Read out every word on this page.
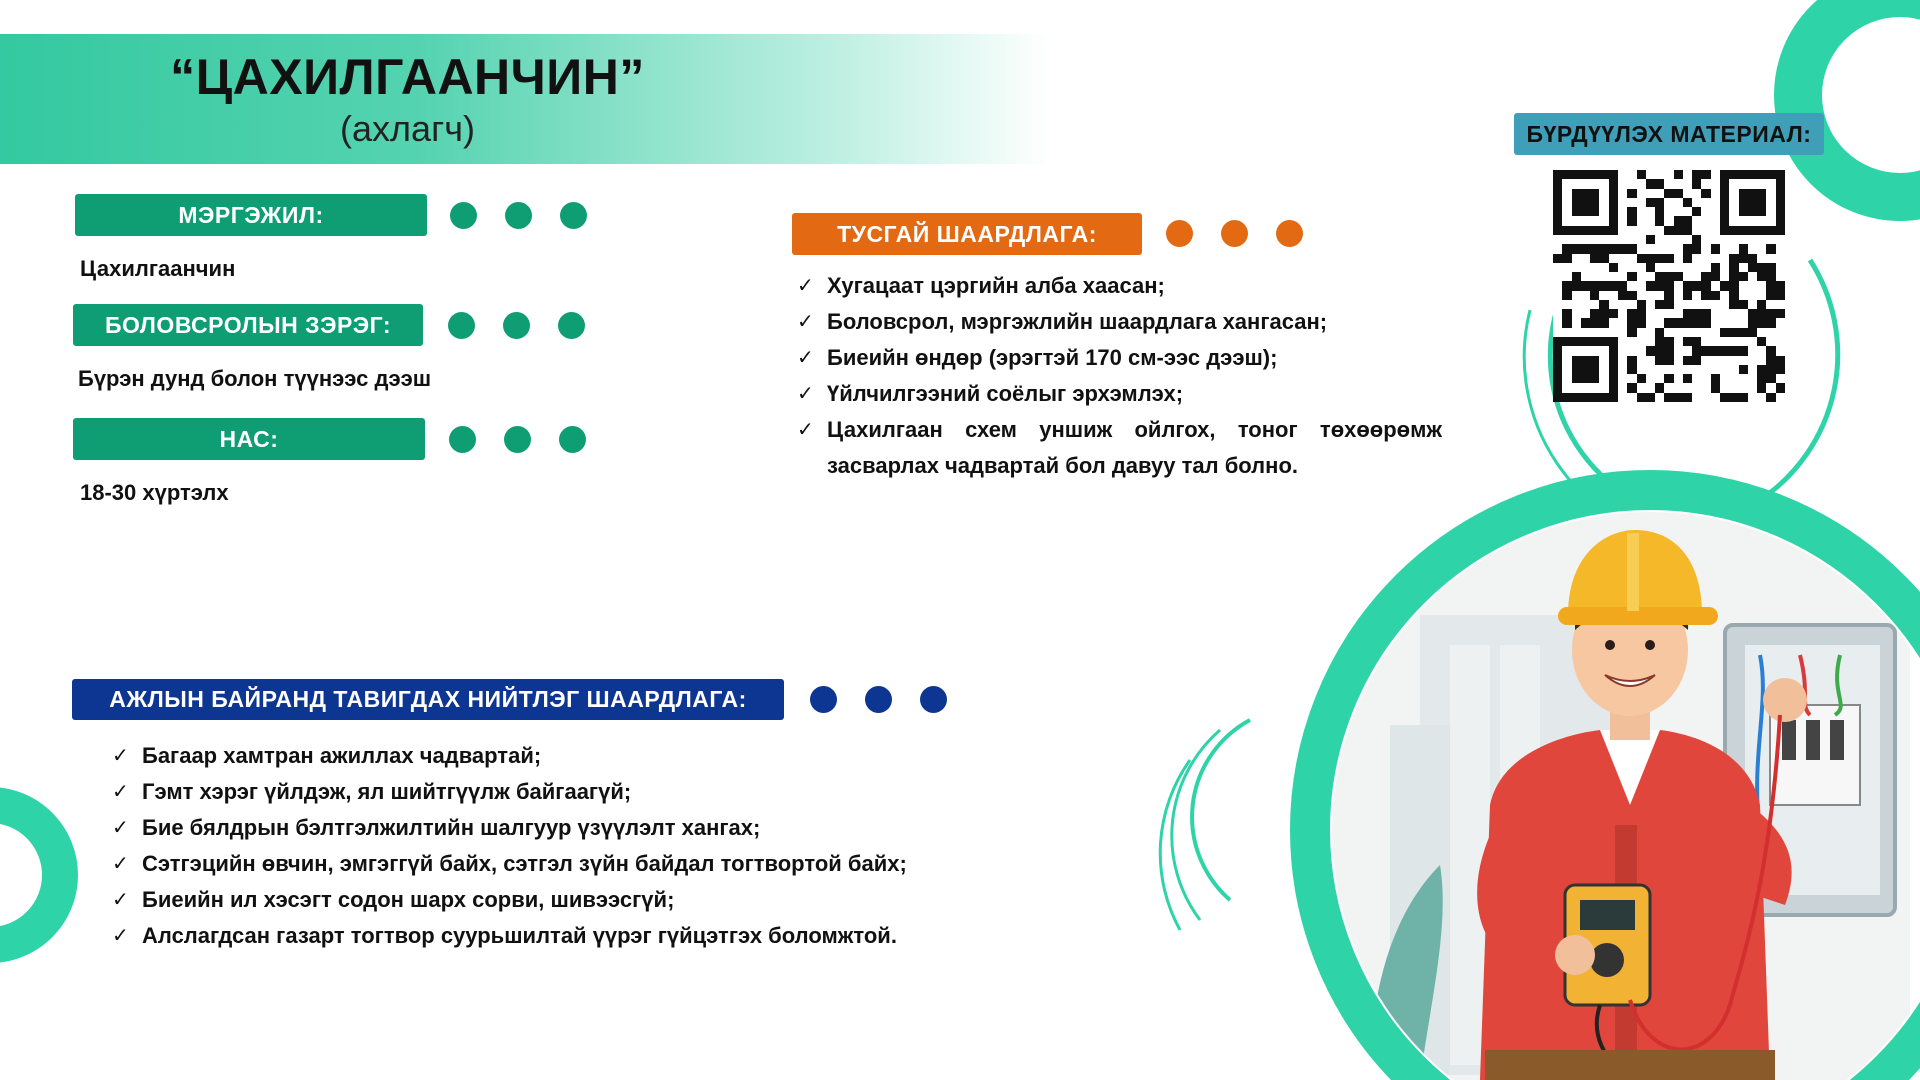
“ЦАХИЛГААНЧИН”
(ахлагч)
МЭРГЭЖИЛ:
Цахилгаанчин
БОЛОВСРОЛЫН ЗЭРЭГ:
Бүрэн дунд болон түүнээс дээш
НАС:
18-30 хүртэлх
ТУСГАЙ ШААРДЛАГА:
✓ Хугацаат цэргийн алба хаасан;
✓ Боловсрол, мэргэжлийн шаардлага хангасан;
✓ Биеийн өндөр (эрэгтэй 170 см-ээс дээш);
✓ Үйлчилгээний соёлыг эрхэмлэх;
✓ Цахилгаан схем уншиж ойлгох, тоног төхөөрөмж засварлах чадвартай бол давуу тал болно.
АЖЛЫН БАЙРАНД ТАВИГДАХ НИЙТЛЭГ ШААРДЛАГА:
✓ Багаар хамтран ажиллах чадвартай;
✓ Гэмт хэрэг үйлдэж, ял шийтгүүлж байгаагүй;
✓ Бие бялдрын бэлтгэлжилтийн шалгуур үзүүлэлт хангах;
✓ Сэтгэцийн өвчин, эмгэггүй байх, сэтгэл зүйн байдал тогтвортой байх;
✓ Биеийн ил хэсэгт содон шарх сорви, шивээсгүй;
✓ Алслагдсан газарт тогтвор суурьшилтай үүрэг гүйцэтгэх боломжтой.
БҮРДҮҮЛЭХ МАТЕРИАЛ:
